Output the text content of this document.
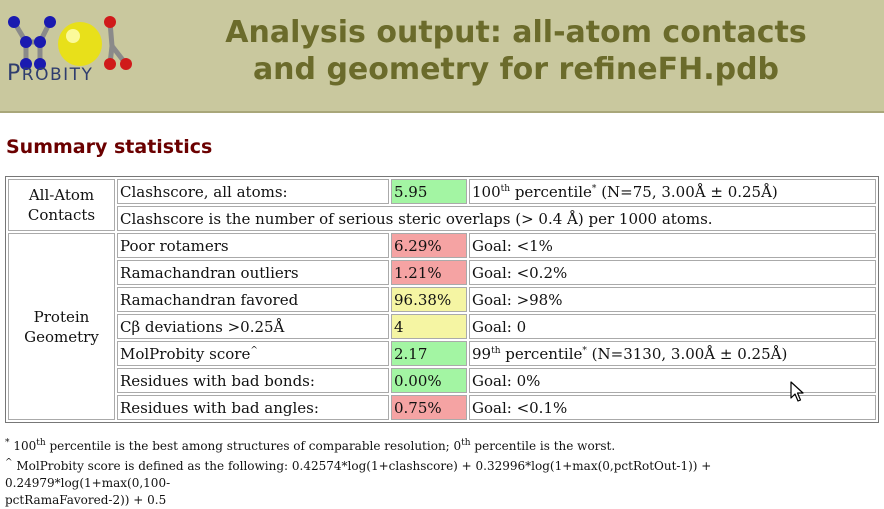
PROBITY
Analysis output: all-atom contacts and geometry for refineFH.pdb
Summary statistics
All-Atom Contacts	Clashscore, all atoms:	5.95	100th percentile* (N=75, 3.00Å ± 0.25Å)
	Clashscore is the number of serious steric overlaps (> 0.4 Å) per 1000 atoms.		
Protein Geometry	Poor rotamers	6.29%	Goal: <1%
	Ramachandran outliers	1.21%	Goal: <0.2%
	Ramachandran favored	96.38%	Goal: >98%
	Cβ deviations >0.25Å	4	Goal: 0
	MolProbity score^	2.17	99th percentile* (N=3130, 3.00Å ± 0.25Å)
	Residues with bad bonds:	0.00%	Goal: 0%
	Residues with bad angles:	0.75%	Goal: <0.1%
* 100th percentile is the best among structures of comparable resolution; 0th percentile is the worst.
^ MolProbity score is defined as the following: 0.42574*log(1+clashscore) + 0.32996*log(1+max(0,pctRotOut-1)) + 0.24979*log(1+max(0,100-
pctRamaFavored-2)) + 0.5
